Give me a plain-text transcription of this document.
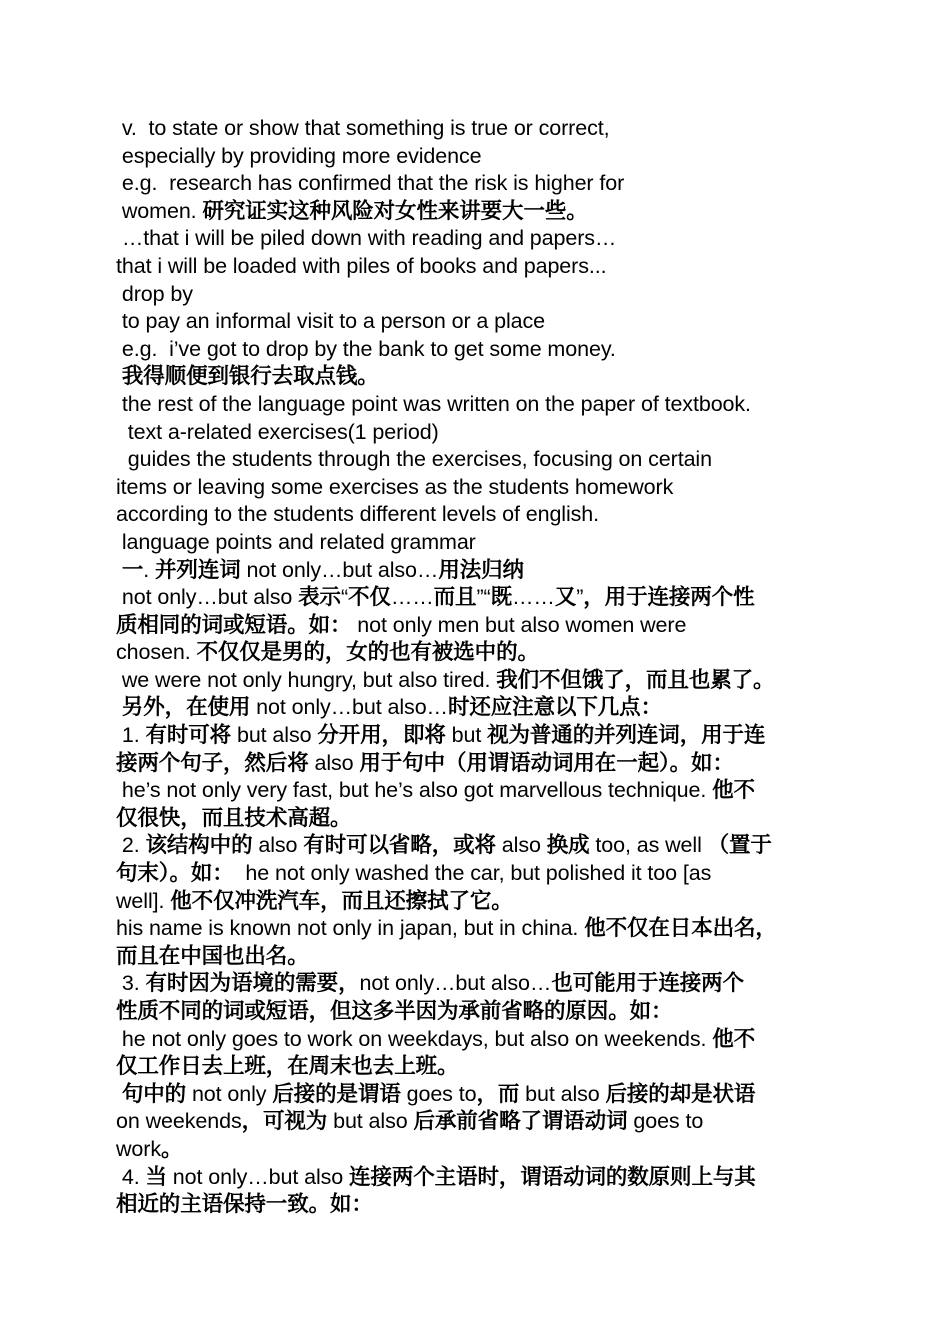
v.  to state or show that something is true or correct,
especially by providing more evidence
e.g.  research has confirmed that the risk is higher for
women. 研究证实这种风险对女性来讲要大一些。
…that i will be piled down with reading and papers…
that i will be loaded with piles of books and papers...
drop by
to pay an informal visit to a person or a place
e.g.  i’ve got to drop by the bank to get some money.
我得顺便到银行去取点钱。
the rest of the language point was written on the paper of textbook.
text a-related exercises(1 period)
guides the students through the exercises, focusing on certain
items or leaving some exercises as the students homework
according to the students different levels of english.
language points and related grammar
一. 并列连词 not only…but also…用法归纳
not only…but also 表示“不仅……而且”“既……又”，用于连接两个性
质相同的词或短语。如： not only men but also women were
chosen. 不仅仅是男的，女的也有被选中的。
we were not only hungry, but also tired. 我们不但饿了，而且也累了。
另外，在使用 not only…but also…时还应注意以下几点：
1. 有时可将 but also 分开用，即将 but 视为普通的并列连词，用于连
接两个句子，然后将 also 用于句中（用谓语动词用在一起）。如：
he’s not only very fast, but he’s also got marvellous technique. 他不
仅很快，而且技术高超。
2. 该结构中的 also 有时可以省略，或将 also 换成 too, as well （置于
句末）。如：  he not only washed the car, but polished it too [as
well]. 他不仅冲洗汽车，而且还擦拭了它。
his name is known not only in japan, but in china. 他不仅在日本出名，
而且在中国也出名。
3. 有时因为语境的需要，not only…but also…也可能用于连接两个
性质不同的词或短语，但这多半因为承前省略的原因。如：
he not only goes to work on weekdays, but also on weekends. 他不
仅工作日去上班，在周末也去上班。
句中的 not only 后接的是谓语 goes to，而 but also 后接的却是状语
on weekends，可视为 but also 后承前省略了谓语动词 goes to
work。
4. 当 not only…but also 连接两个主语时，谓语动词的数原则上与其
相近的主语保持一致。如：
